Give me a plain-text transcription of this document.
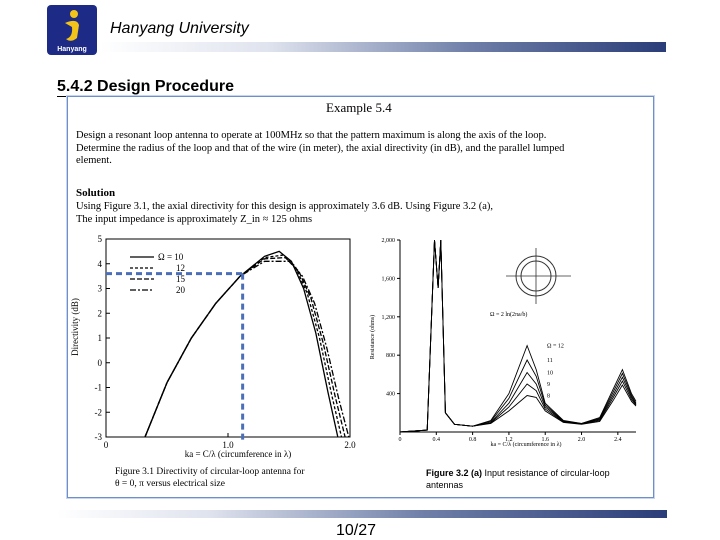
Hanyang
Hanyang University
5.4.2 Design Procedure
Example 5.4
Design a resonant loop antenna to operate at 100MHz so that the pattern maximum is along the axis of the loop.
Determine the radius of the loop and that of the wire (in meter), the axial directivity (in dB), and the parallel lumped
element.
Solution
Using Figure 3.1, the axial directivity for this design is approximately 3.6 dB. Using Figure 3.2 (a),
The input impedance is approximately Z_in ≈ 125 ohms
Directivity (dB)
ka = C/λ (circumference in λ)
Ω = 10
12
15
20
-3
-2
-1
0
1
2
3
4
5
0	1.0	2.0
Resistance (ohms)
ka = C/λ (circumference in λ)
Ω = 2 ln(2πa/b)
Ω = 12
11
10
9
8
400
800
1,200
1,600
2,000
0	0.4	0.8	1.2	1.6	2.0	2.4
Figure 3.1 Directivity of circular-loop antenna for
θ = 0, π versus electrical size
Figure 3.2 (a) Input resistance of circular-loop antennas
10/27
